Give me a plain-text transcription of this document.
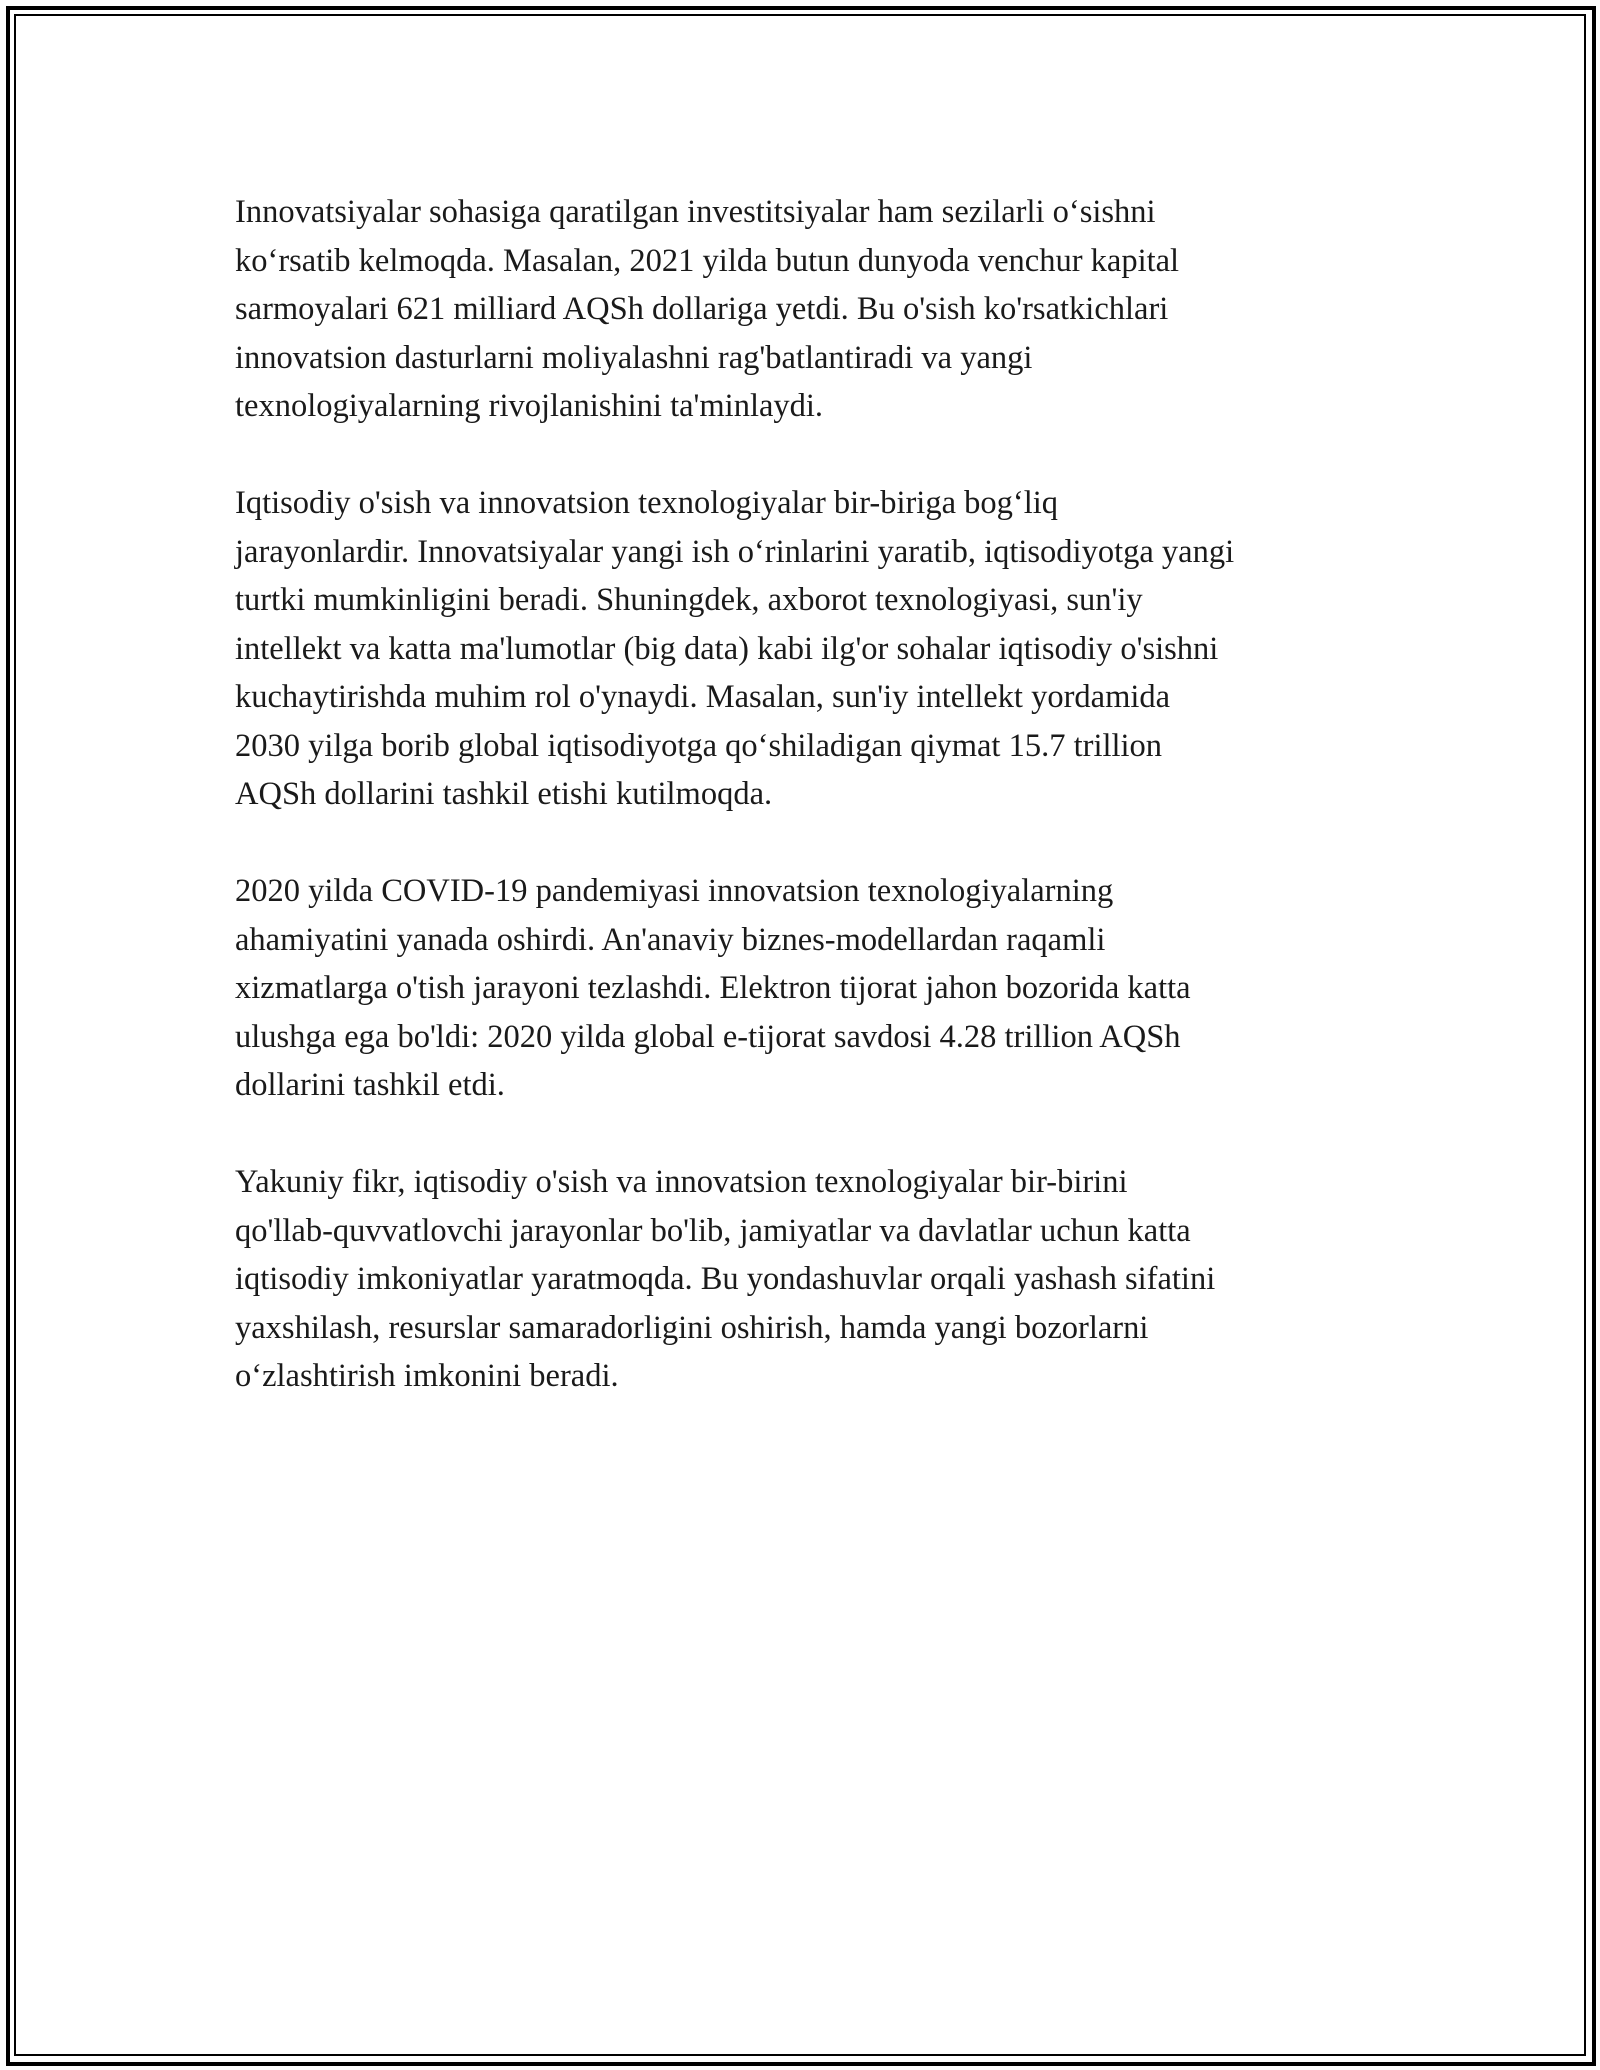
Innovatsiyalar sohasiga qaratilgan investitsiyalar ham sezilarli o‘sishni
ko‘rsatib kelmoqda. Masalan, 2021 yilda butun dunyoda venchur kapital
sarmoyalari 621 milliard AQSh dollariga yetdi. Bu o'sish ko'rsatkichlari
innovatsion dasturlarni moliyalashni rag'batlantiradi va yangi
texnologiyalarning rivojlanishini ta'minlaydi.

Iqtisodiy o'sish va innovatsion texnologiyalar bir-biriga bog‘liq
jarayonlardir. Innovatsiyalar yangi ish o‘rinlarini yaratib, iqtisodiyotga yangi
turtki mumkinligini beradi. Shuningdek, axborot texnologiyasi, sun'iy
intellekt va katta ma'lumotlar (big data) kabi ilg'or sohalar iqtisodiy o'sishni
kuchaytirishda muhim rol o'ynaydi. Masalan, sun'iy intellekt yordamida
2030 yilga borib global iqtisodiyotga qo‘shiladigan qiymat 15.7 trillion
AQSh dollarini tashkil etishi kutilmoqda.

2020 yilda COVID-19 pandemiyasi innovatsion texnologiyalarning
ahamiyatini yanada oshirdi. An'anaviy biznes-modellardan raqamli
xizmatlarga o'tish jarayoni tezlashdi. Elektron tijorat jahon bozorida katta
ulushga ega bo'ldi: 2020 yilda global e-tijorat savdosi 4.28 trillion AQSh
dollarini tashkil etdi.

Yakuniy fikr, iqtisodiy o'sish va innovatsion texnologiyalar bir-birini
qo'llab-quvvatlovchi jarayonlar bo'lib, jamiyatlar va davlatlar uchun katta
iqtisodiy imkoniyatlar yaratmoqda. Bu yondashuvlar orqali yashash sifatini
yaxshilash, resurslar samaradorligini oshirish, hamda yangi bozorlarni
o‘zlashtirish imkonini beradi.
